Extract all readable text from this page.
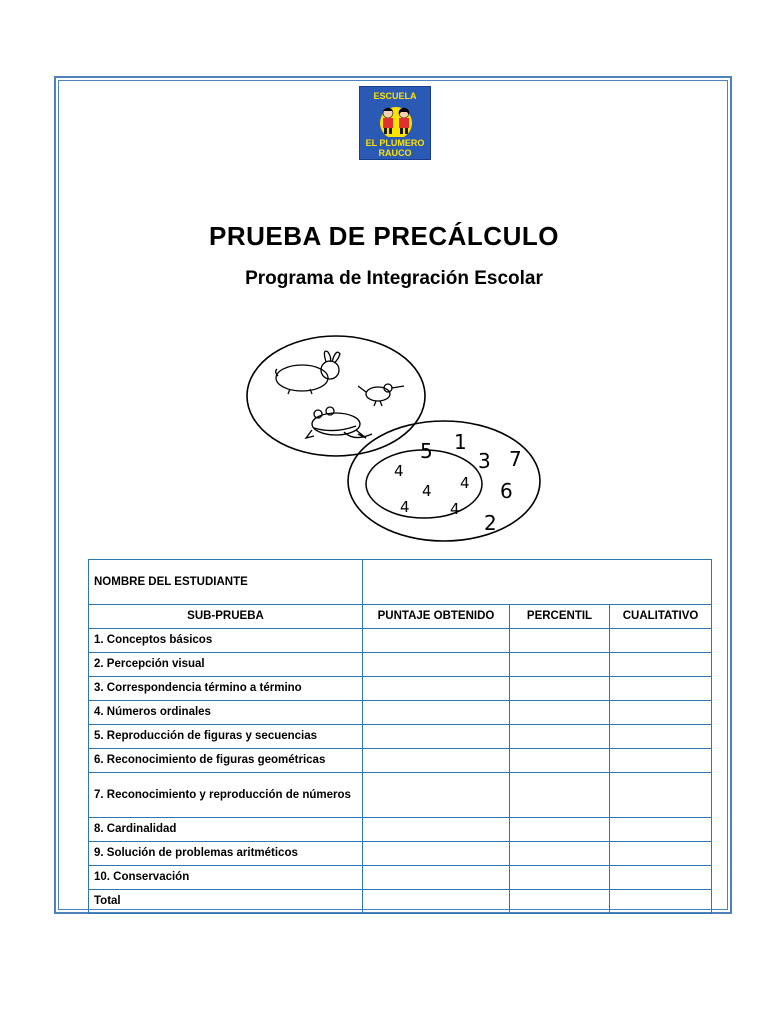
ESCUELA
EL PLUMERO
RAUCO
PRUEBA DE PRECÁLCULO
Programa de Integración Escolar
5 1
3 7
6
2
4
4 4
4	4
NOMBRE DEL ESTUDIANTE			
SUB-PRUEBA	PUNTAJE OBTENIDO	PERCENTIL	CUALITATIVO
1. Conceptos básicos			
2. Percepción visual			
3. Correspondencia término a término			
4. Números ordinales			
5. Reproducción de figuras y secuencias			
6. Reconocimiento de figuras geométricas			
7. Reconocimiento y reproducción de números			
8. Cardinalidad			
9. Solución de problemas aritméticos			
10. Conservación			
Total			
